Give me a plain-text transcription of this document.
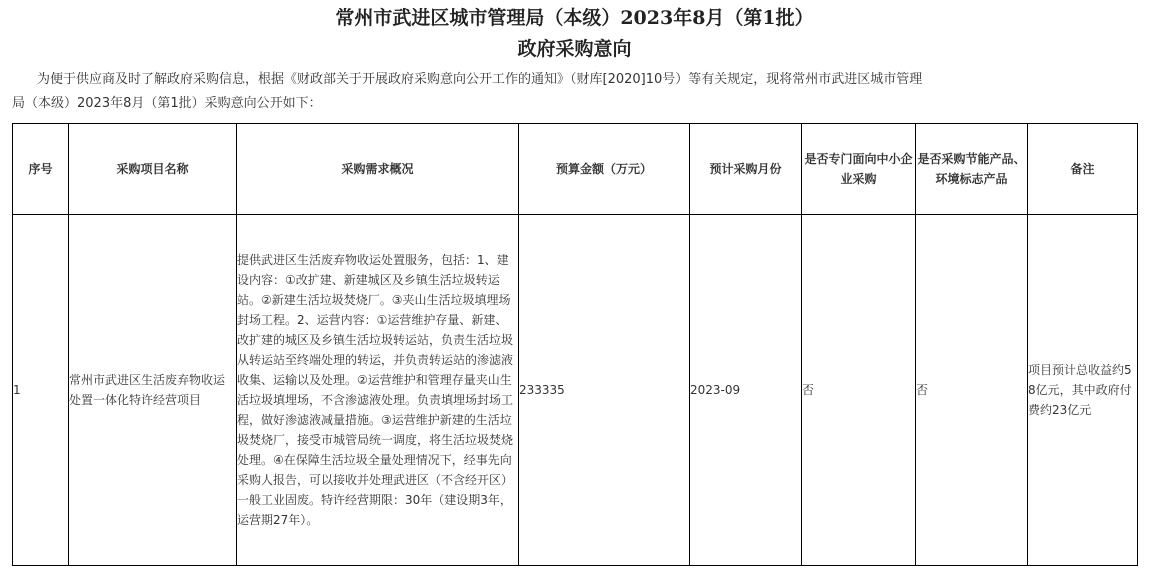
常州市武进区城市管理局（本级）2023年8月（第1批）
政府采购意向
为便于供应商及时了解政府采购信息，根据《财政部关于开展政府采购意向公开工作的通知》（财库[2020]10号）等有关规定，现将常州市武进区城市管理
局（本级）2023年8月（第1批）采购意向公开如下：
序号	采购项目名称	采购需求概况	预算金额（万元）	预计采购月份	是否专门面向中小企业采购	是否采购节能产品、环境标志产品	备注
1	常州市武进区生活废弃物收运处置一体化特许经营项目	提供武进区生活废弃物收运处置服务，包括：1、建设内容：①改扩建、新建城区及乡镇生活垃圾转运站。②新建生活垃圾焚烧厂。③夹山生活垃圾填埋场封场工程。2、运营内容：①运营维护存量、新建、改扩建的城区及乡镇生活垃圾转运站，负责生活垃圾从转运站至终端处理的转运，并负责转运站的渗滤液收集、运输以及处理。②运营维护和管理存量夹山生活垃圾填埋场，不含渗滤液处理。负责填埋场封场工程，做好渗滤液减量措施。③运营维护新建的生活垃圾焚烧厂，接受市城管局统一调度，将生活垃圾焚烧处理。④在保障生活垃圾全量处理情况下，经事先向采购人报告，可以接收并处理武进区（不含经开区）一般工业固废。特许经营期限：30年（建设期3年，运营期27年）。	233335	2023-09	否	否	项目预计总收益约58亿元，其中政府付费约23亿元
